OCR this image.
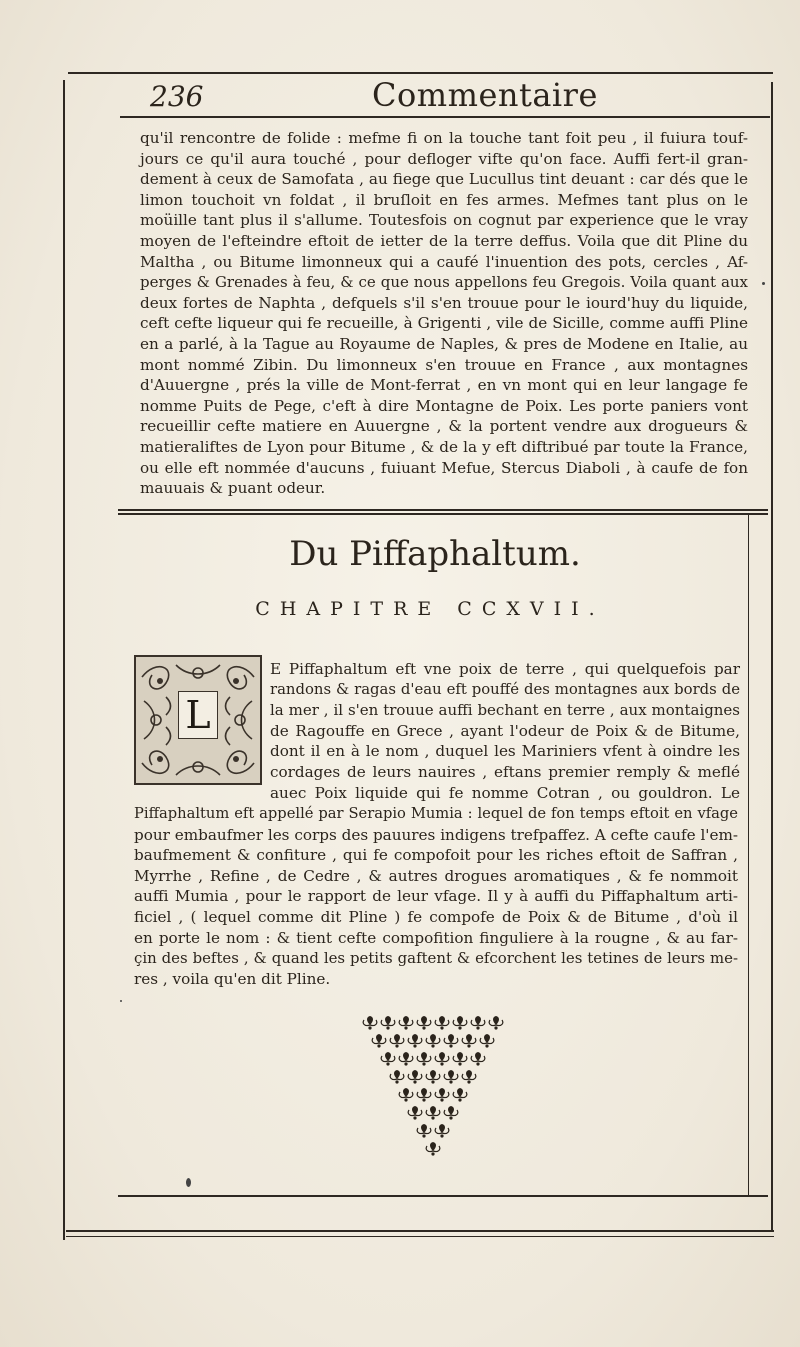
236	Commentaire
qu'il rencontre de folide : mefme fi on la touche tant foit peu , il fuiura touf-
jours ce qu'il aura touché , pour defloger vifte qu'on face. Auffi fert-il gran-
dement à ceux de Samofata , au fiege que Lucullus tint deuant : car dés que le
limon touchoit vn foldat , il bruſloit en fes armes. Mefmes tant plus on le
moüille tant plus il s'allume. Toutesfois on cognut par experience que le vray
moyen de l'efteindre eftoit de ietter de la terre deffus. Voila que dit Pline du
Maltha , ou Bitume limonneux qui a caufé l'inuention des pots, cercles , Af-
perges & Grenades à feu, & ce que nous appellons feu Gregois. Voila quant aux
deux fortes de Naphta , defquels s'il s'en trouue pour le iourd'huy du liquide,
ceft cefte liqueur qui fe recueille, à Grigenti , vile de Sicille, comme auffi Pline
en a parlé, à la Tague au Royaume de Naples, & pres de Modene en Italie, au
mont nommé Zibin. Du limonneux s'en trouue en France , aux montagnes
d'Auuergne , prés la ville de Mont-ferrat , en vn mont qui en leur langage fe
nomme Puits de Pege, c'eft à dire Montagne de Poix. Les porte paniers vont
recueillir cefte matiere en Auuergne , & la portent vendre aux drogueurs &
matieraliftes de Lyon pour Bitume , & de la y eft diftribué par toute la France,
ou elle eft nommée d'aucuns , fuiuant Mefue, Stercus Diaboli , à caufe de fon
mauuais & puant odeur.
Du Piffaphaltum.
CHAPITRE CCXVII.
L
E Piffaphaltum eft vne poix de terre , qui quelquefois par
randons & ragas d'eau eft pouffé des montagnes aux bords de
la mer , il s'en trouue auffi bechant en terre , aux montaignes
de Ragouffe en Grece , ayant l'odeur de Poix & de Bitume,
dont il en à le nom , duquel les Mariniers vfent à oindre les
cordages de leurs nauires , eftans premier remply & meflé
auec Poix liquide qui fe nomme Cotran , ou gouldron. Le
Piffaphaltum eft appellé par Serapio Mumia : lequel de fon temps eftoit en vfage
pour embaufmer les corps des pauures indigens trefpaffez. A cefte caufe l'em-
baufmement & confiture , qui fe compofoit pour les riches eftoit de Saffran ,
Myrrhe , Refine , de Cedre , & autres drogues aromatiques , & fe nommoit
auffi Mumia , pour le rapport de leur vfage. Il y à auffi du Piffaphaltum arti-
ficiel , ( lequel comme dit Pline ) fe compofe de Poix & de Bitume , d'où il
en porte le nom : & tient cefte compofition finguliere à la rougne , & au far-
çin des beftes , & quand les petits gaftent & efcorchent les tetines de leurs me-
res , voila qu'en dit Pline.
